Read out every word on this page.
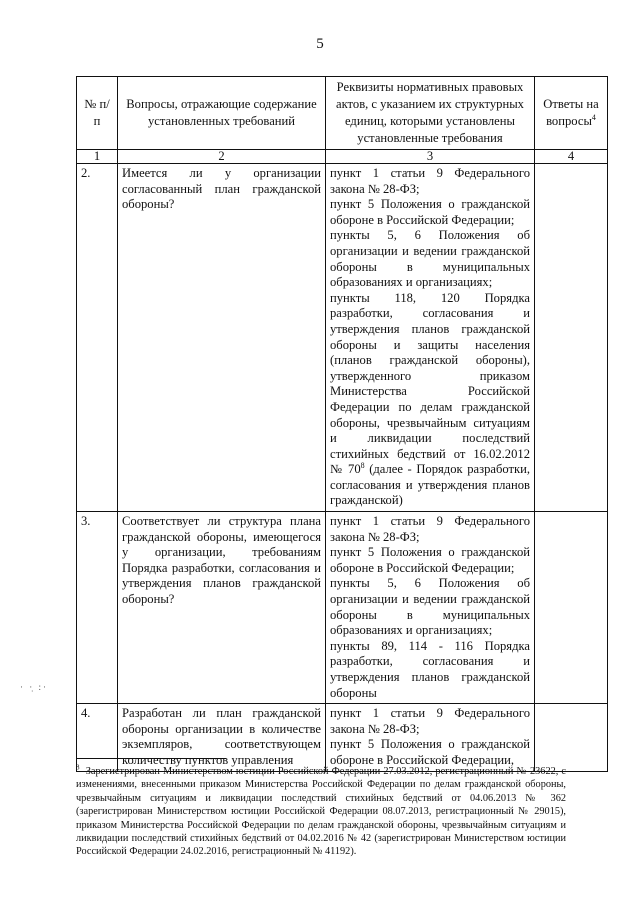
5
№ п/п	Вопросы, отражающие содержание установленных требований	Реквизиты нормативных правовых актов, с указанием их структурных единиц, которыми установлены установленные требования	Ответы на вопросы$^4$
1	2	3	4
2.	Имеется ли у организации согласованный план гражданской обороны?	пункт 1 статьи 9 Федерального закона № 28-ФЗ;
пункт 5 Положения о гражданской обороне в Российской Федерации;
пункты 5, 6 Положения об организации и ведении гражданской обороны в муниципальных образованиях и организациях;
пункты 118, 120 Порядка разработки, согласования и утверждения планов гражданской обороны и защиты населения (планов гражданской обороны), утвержденного приказом Министерства Российской Федерации по делам гражданской обороны, чрезвычайным ситуациям и ликвидации последствий стихийных бедствий от 16.02.2012 № $70^8$ (далее - Порядок разработки, согласования и утверждения планов гражданской)	

3.	Соответствует ли структура плана гражданской обороны, имеющегося у организации, требованиям Порядка разработки, согласования и утверждения планов гражданской обороны?	пункт 1 статьи 9 Федерального закона № 28-ФЗ;
пункт 5 Положения о гражданской обороне в Российской Федерации;
пункты 5, 6 Положения об организации и ведении гражданской обороны в муниципальных образованиях и организациях;
пункты 89, 114 - 116 Порядка разработки, согласования и утверждения планов гражданской обороны	

4.	Разработан ли план гражданской обороны организации в количестве экземпляров, соответствующем количеству пунктов управления	пункт 1 статьи 9 Федерального закона № 28-ФЗ;
пункт 5 Положения о гражданской обороне в Российской Федерации,	

· ·̣ :·
$^8$ Зарегистрирован Министерством юстиции Российской Федерации 27.03.2012, регистрационный № 23622, с изменениями, внесенными приказом Министерства Российской Федерации по делам гражданской обороны, чрезвычайным ситуациям и ликвидации последствий стихийных бедствий от 04.06.2013 № 362 (зарегистрирован Министерством юстиции Российской Федерации 08.07.2013, регистрационный № 29015), приказом Министерства Российской Федерации по делам гражданской обороны, чрезвычайным ситуациям и ликвидации последствий стихийных бедствий от 04.02.2016 № 42 (зарегистрирован Министерством юстиции Российской Федерации 24.02.2016, регистрационный № 41192).
